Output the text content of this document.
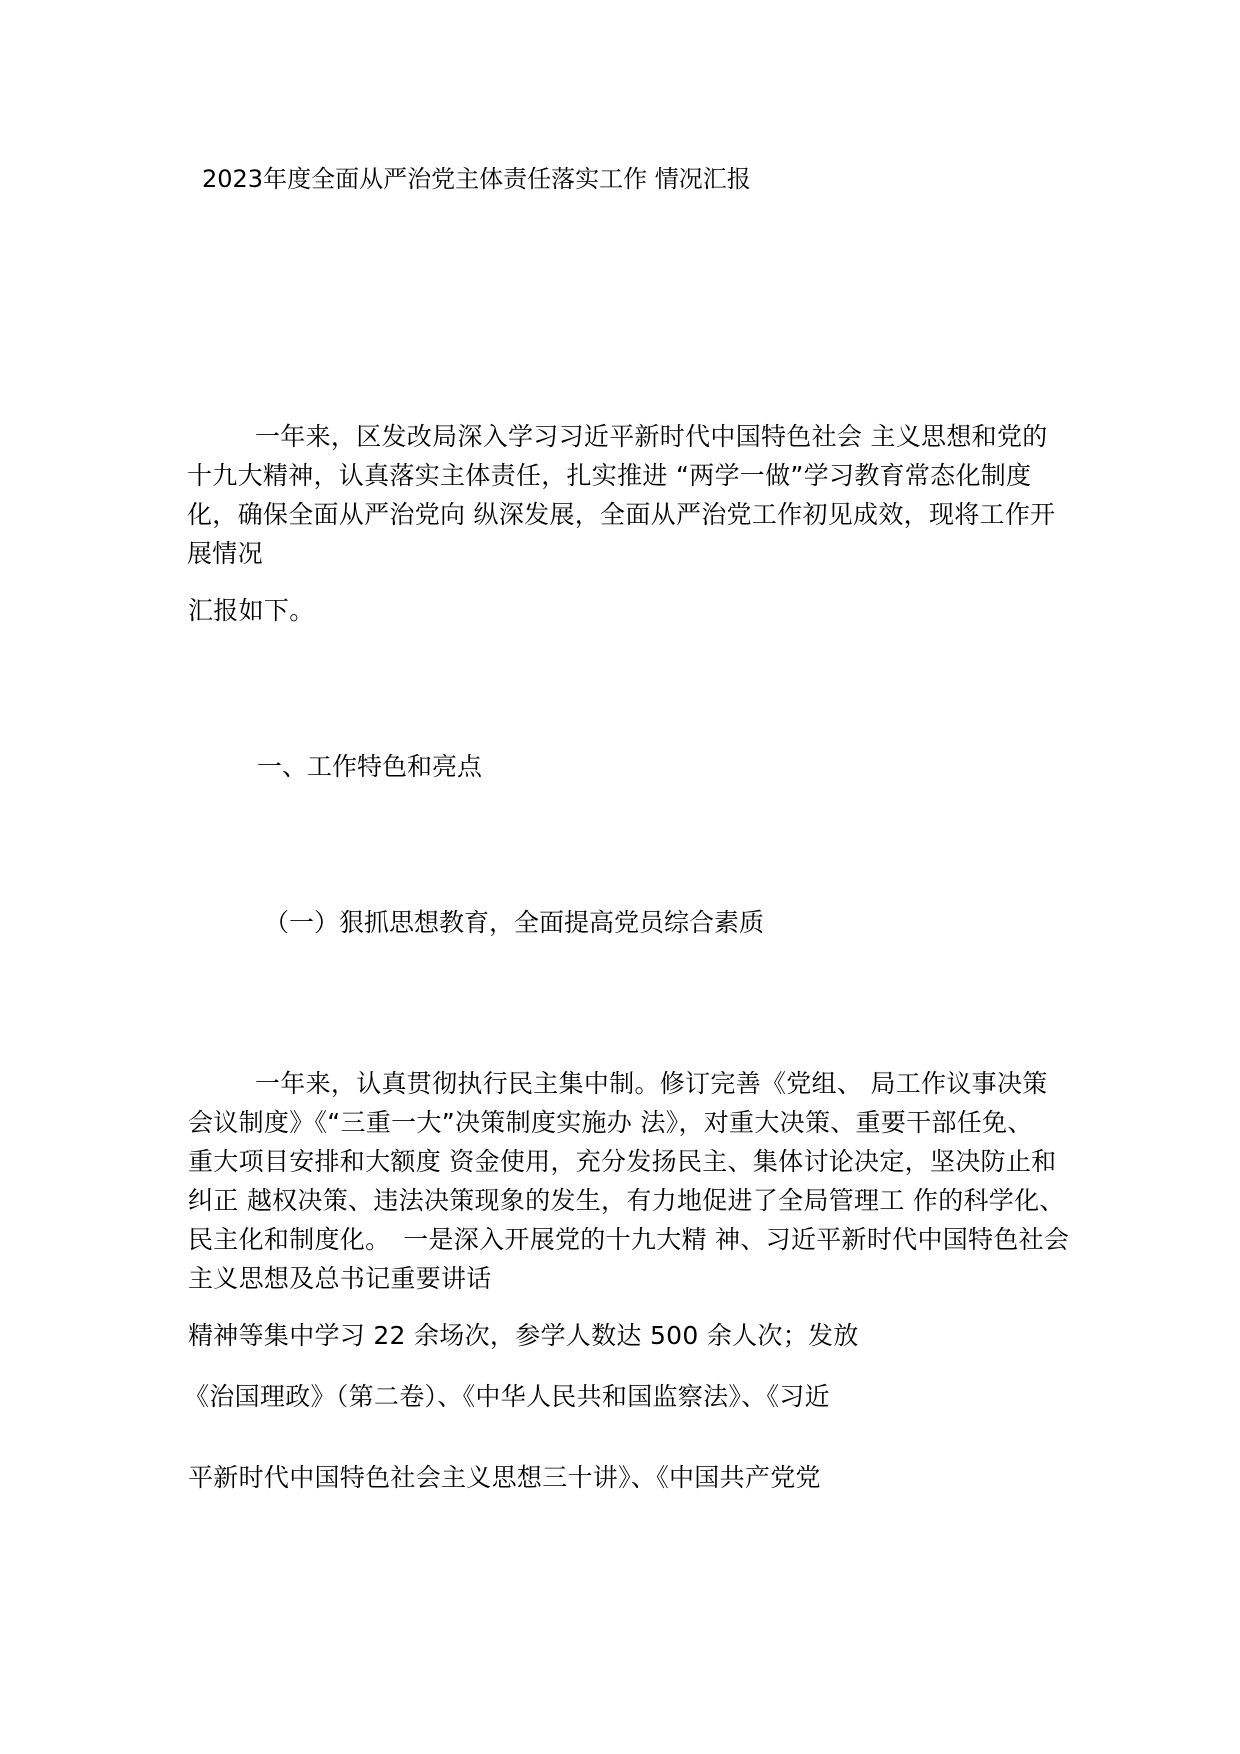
2023年度全面从严治党主体责任落实工作 情况汇报
一年来，区发改局深入学习习近平新时代中国特色社会 主义思想和党的
十九大精神，认真落实主体责任，扎实推进 “两学一做”学习教育常态化制度
化，确保全面从严治党向 纵深发展，全面从严治党工作初见成效，现将工作开
展情况
汇报如下。
一、工作特色和亮点
（一）狠抓思想教育，全面提高党员综合素质
一年来，认真贯彻执行民主集中制。修订完善《党组、 局工作议事决策
会议制度》《“三重一大”决策制度实施办 法》，对重大决策、重要干部任免、
重大项目安排和大额度 资金使用，充分发扬民主、集体讨论决定，坚决防止和
纠正 越权决策、违法决策现象的发生，有力地促进了全局管理工 作的科学化、
民主化和制度化。　一是深入开展党的十九大精 神、习近平新时代中国特色社会
主义思想及总书记重要讲话
精神等集中学习 22 余场次，参学人数达 500 余人次；发放
《治国理政》（第二卷）、《中华人民共和国监察法》、《习近
平新时代中国特色社会主义思想三十讲》、《中国共产党党
